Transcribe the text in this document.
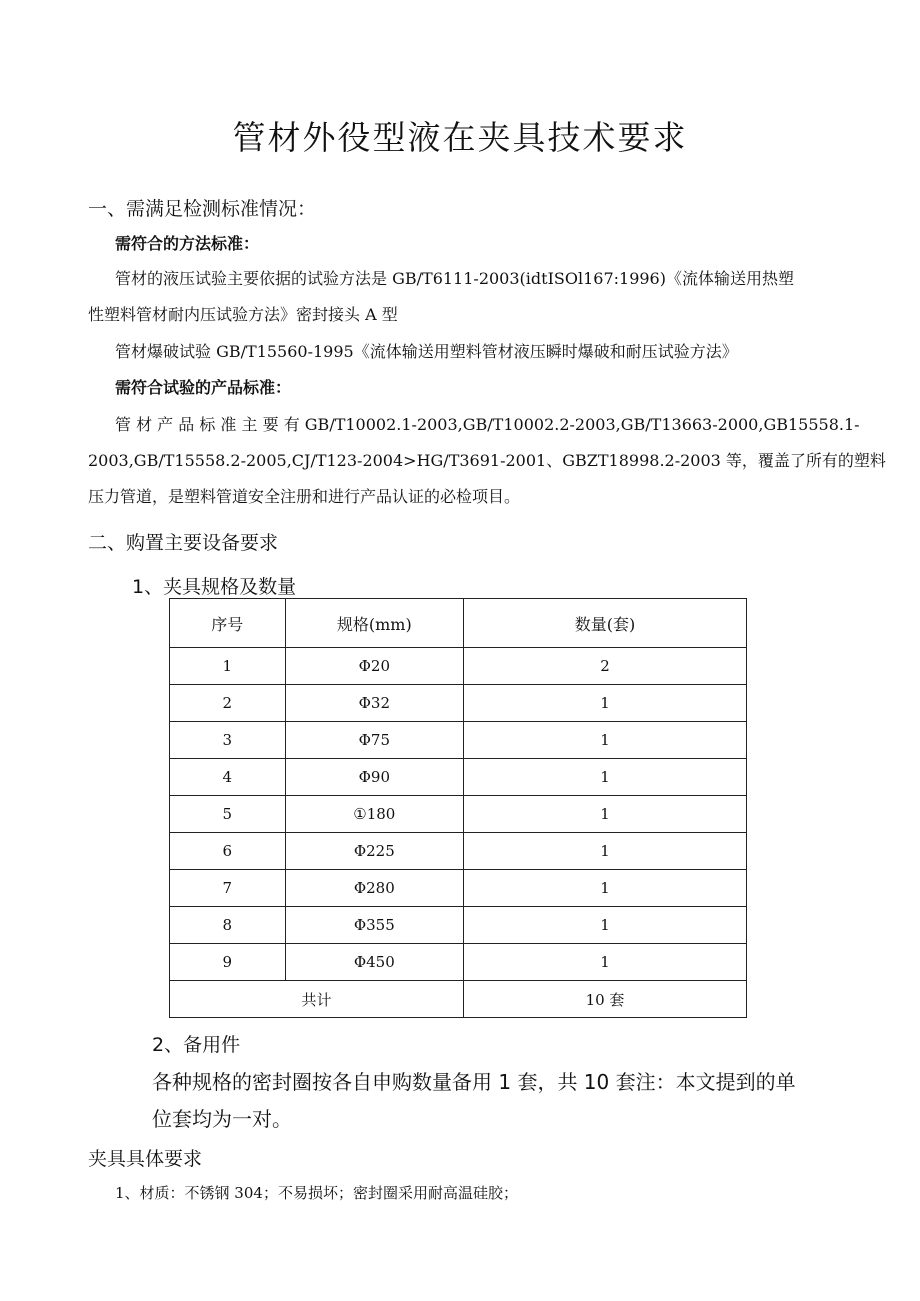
管材外役型液在夹具技术要求
一、需满足检测标准情况：
需符合的方法标准：
管材的液压试验主要依据的试验方法是 GB/T6111-2003(idtISOl167:1996)《流体输送用热塑
性塑料管材耐内压试验方法》密封接头 A 型
管材爆破试验 GB/T15560-1995《流体输送用塑料管材液压瞬时爆破和耐压试验方法》
需符合试验的产品标准：
管 材 产 品 标 准 主 要 有 GB/T10002.1-2003,GB/T10002.2-2003,GB/T13663-2000,GB15558.1-
2003,GB/T15558.2-2005,CJ/T123-2004>HG/T3691-2001、GBZT18998.2-2003 等，覆盖了所有的塑料
压力管道，是塑料管道安全注册和进行产品认证的必检项目。
二、购置主要设备要求
1、夹具规格及数量
序号	规格(mm)	数量(套)
1	Φ20	2
2	Φ32	1
3	Φ75	1
4	Φ90	1
5	①180	1
6	Φ225	1
7	Φ280	1
8	Φ355	1
9	Φ450	1
共计		10 套
2、备用件
各种规格的密封圈按各自申购数量备用 1 套，共 10 套注：本文提到的单
位套均为一对。
夹具具体要求
1、材质：不锈钢 304；不易损坏；密封圈采用耐高温硅胶；
